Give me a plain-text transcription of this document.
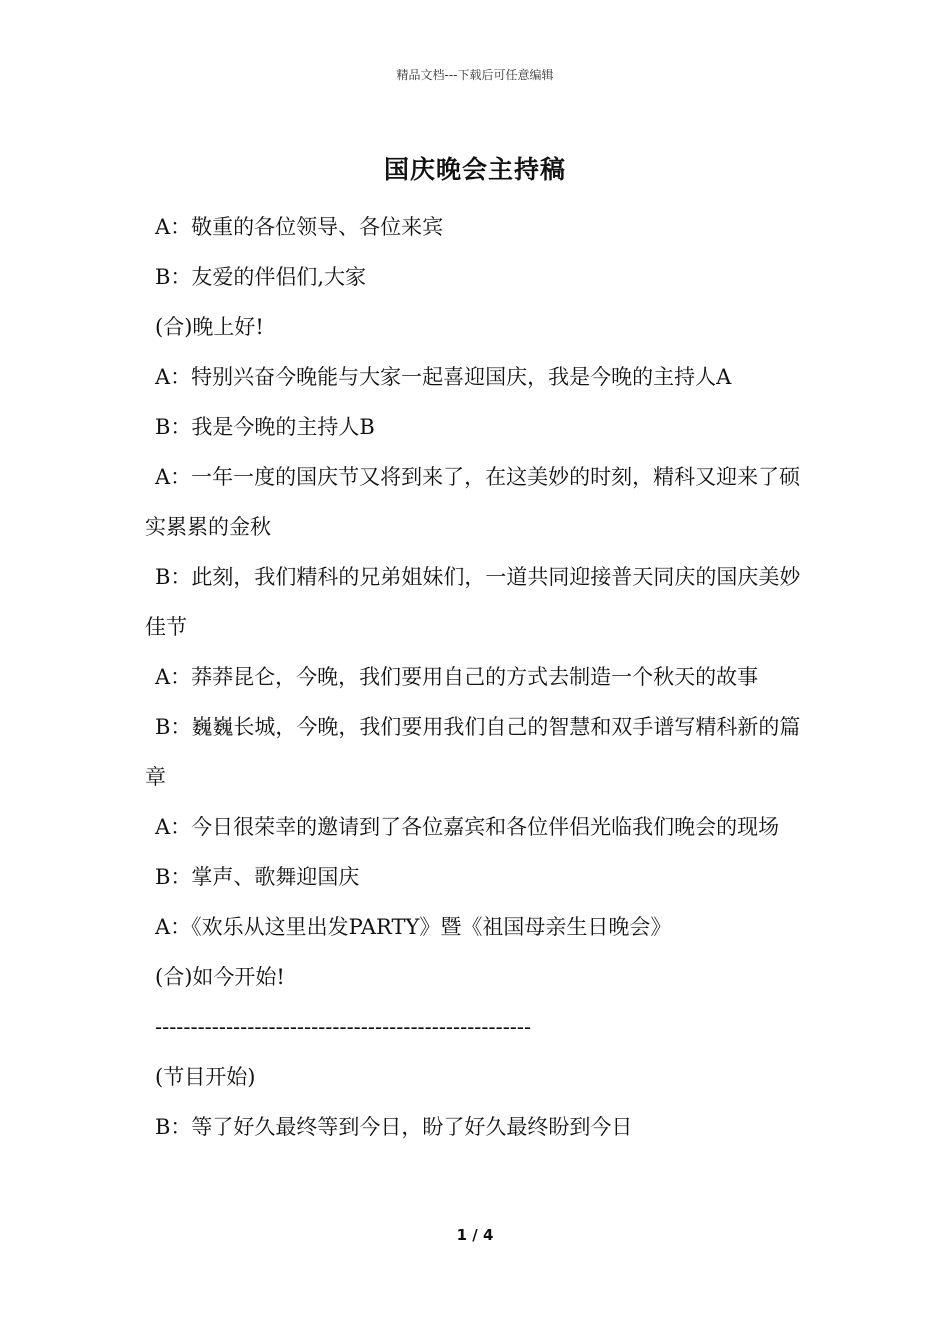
精品文档---下载后可任意编辑
国庆晚会主持稿

A：敬重的各位领导、各位来宾

B：友爱的伴侣们,大家

(合)晚上好!

A：特别兴奋今晚能与大家一起喜迎国庆，我是今晚的主持人A

B：我是今晚的主持人B

A：一年一度的国庆节又将到来了，在这美妙的时刻，精科又迎来了硕实累累的金秋

B：此刻，我们精科的兄弟姐妹们，一道共同迎接普天同庆的国庆美妙佳节

A：莽莽昆仑，今晚，我们要用自己的方式去制造一个秋天的故事

B：巍巍长城，今晚，我们要用我们自己的智慧和双手谱写精科新的篇章

A：今日很荣幸的邀请到了各位嘉宾和各位伴侣光临我们晚会的现场

B：掌声、歌舞迎国庆

A：《欢乐从这里出发PARTY》暨《祖国母亲生日晚会》

(合)如今开始!

-----------------------------------------------------

(节目开始)

B：等了好久最终等到今日，盼了好久最终盼到今日

1 / 4
